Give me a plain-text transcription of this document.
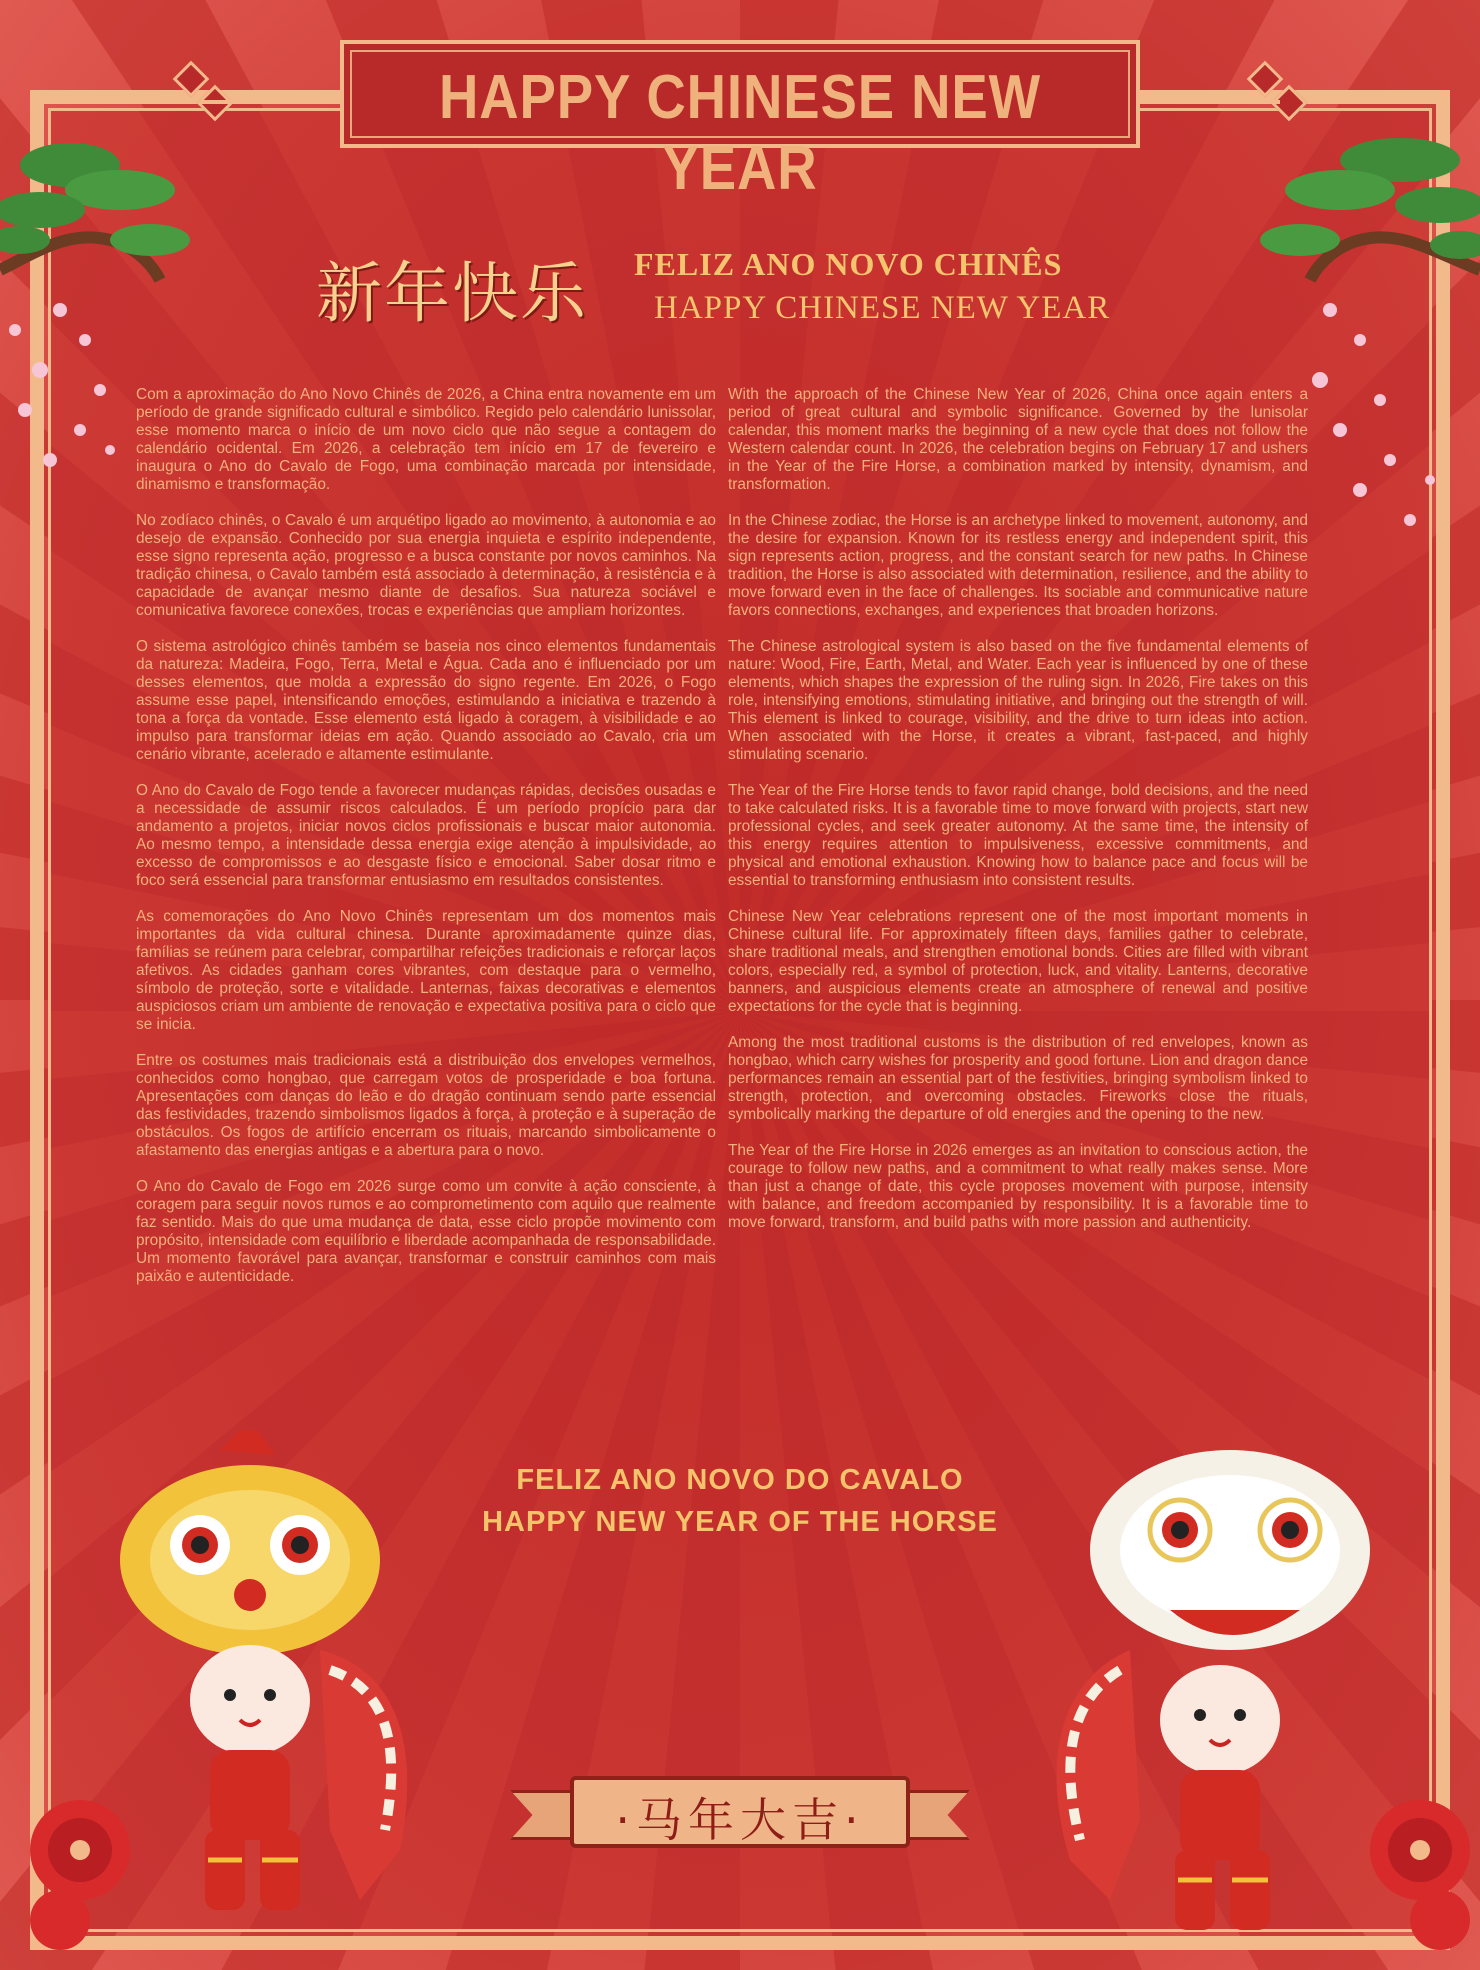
HAPPY CHINESE NEW YEAR
新年快乐	FELIZ ANO NOVO CHINÊS
HAPPY CHINESE NEW YEAR

Com a aproximação do Ano Novo Chinês de 2026, a China entra novamente em um período de grande significado cultural e simbólico. Regido pelo calendário lunissolar, esse momento marca o início de um novo ciclo que não segue a contagem do calendário ocidental. Em 2026, a celebração tem início em 17 de fevereiro e inaugura o Ano do Cavalo de Fogo, uma combinação marcada por intensidade, dinamismo e transformação.

No zodíaco chinês, o Cavalo é um arquétipo ligado ao movimento, à autonomia e ao desejo de expansão. Conhecido por sua energia inquieta e espírito independente, esse signo representa ação, progresso e a busca constante por novos caminhos. Na tradição chinesa, o Cavalo também está associado à determinação, à resistência e à capacidade de avançar mesmo diante de desafios. Sua natureza sociável e comunicativa favorece conexões, trocas e experiências que ampliam horizontes.

O sistema astrológico chinês também se baseia nos cinco elementos fundamentais da natureza: Madeira, Fogo, Terra, Metal e Água. Cada ano é influenciado por um desses elementos, que molda a expressão do signo regente. Em 2026, o Fogo assume esse papel, intensificando emoções, estimulando a iniciativa e trazendo à tona a força da vontade. Esse elemento está ligado à coragem, à visibilidade e ao impulso para transformar ideias em ação. Quando associado ao Cavalo, cria um cenário vibrante, acelerado e altamente estimulante.

O Ano do Cavalo de Fogo tende a favorecer mudanças rápidas, decisões ousadas e a necessidade de assumir riscos calculados. É um período propício para dar andamento a projetos, iniciar novos ciclos profissionais e buscar maior autonomia. Ao mesmo tempo, a intensidade dessa energia exige atenção à impulsividade, ao excesso de compromissos e ao desgaste físico e emocional. Saber dosar ritmo e foco será essencial para transformar entusiasmo em resultados consistentes.

As comemorações do Ano Novo Chinês representam um dos momentos mais importantes da vida cultural chinesa. Durante aproximadamente quinze dias, famílias se reúnem para celebrar, compartilhar refeições tradicionais e reforçar laços afetivos. As cidades ganham cores vibrantes, com destaque para o vermelho, símbolo de proteção, sorte e vitalidade. Lanternas, faixas decorativas e elementos auspiciosos criam um ambiente de renovação e expectativa positiva para o ciclo que se inicia.

Entre os costumes mais tradicionais está a distribuição dos envelopes vermelhos, conhecidos como hongbao, que carregam votos de prosperidade e boa fortuna. Apresentações com danças do leão e do dragão continuam sendo parte essencial das festividades, trazendo simbolismos ligados à força, à proteção e à superação de obstáculos. Os fogos de artifício encerram os rituais, marcando simbolicamente o afastamento das energias antigas e a abertura para o novo.

O Ano do Cavalo de Fogo em 2026 surge como um convite à ação consciente, à coragem para seguir novos rumos e ao comprometimento com aquilo que realmente faz sentido. Mais do que uma mudança de data, esse ciclo propõe movimento com propósito, intensidade com equilíbrio e liberdade acompanhada de responsabilidade. Um momento favorável para avançar, transformar e construir caminhos com mais paixão e autenticidade.

With the approach of the Chinese New Year of 2026, China once again enters a period of great cultural and symbolic significance. Governed by the lunisolar calendar, this moment marks the beginning of a new cycle that does not follow the Western calendar count. In 2026, the celebration begins on February 17 and ushers in the Year of the Fire Horse, a combination marked by intensity, dynamism, and transformation.

In the Chinese zodiac, the Horse is an archetype linked to movement, autonomy, and the desire for expansion. Known for its restless energy and independent spirit, this sign represents action, progress, and the constant search for new paths. In Chinese tradition, the Horse is also associated with determination, resilience, and the ability to move forward even in the face of challenges. Its sociable and communicative nature favors connections, exchanges, and experiences that broaden horizons.

The Chinese astrological system is also based on the five fundamental elements of nature: Wood, Fire, Earth, Metal, and Water. Each year is influenced by one of these elements, which shapes the expression of the ruling sign. In 2026, Fire takes on this role, intensifying emotions, stimulating initiative, and bringing out the strength of will. This element is linked to courage, visibility, and the drive to turn ideas into action. When associated with the Horse, it creates a vibrant, fast-paced, and highly stimulating scenario.

The Year of the Fire Horse tends to favor rapid change, bold decisions, and the need to take calculated risks. It is a favorable time to move forward with projects, start new professional cycles, and seek greater autonomy. At the same time, the intensity of this energy requires attention to impulsiveness, excessive commitments, and physical and emotional exhaustion. Knowing how to balance pace and focus will be essential to transforming enthusiasm into consistent results.

Chinese New Year celebrations represent one of the most important moments in Chinese cultural life. For approximately fifteen days, families gather to celebrate, share traditional meals, and strengthen emotional bonds. Cities are filled with vibrant colors, especially red, a symbol of protection, luck, and vitality. Lanterns, decorative banners, and auspicious elements create an atmosphere of renewal and positive expectations for the cycle that is beginning.

Among the most traditional customs is the distribution of red envelopes, known as hongbao, which carry wishes for prosperity and good fortune. Lion and dragon dance performances remain an essential part of the festivities, bringing symbolism linked to strength, protection, and overcoming obstacles. Fireworks close the rituals, symbolically marking the departure of old energies and the opening to the new.

The Year of the Fire Horse in 2026 emerges as an invitation to conscious action, the courage to follow new paths, and a commitment to what really makes sense. More than just a change of date, this cycle proposes movement with purpose, intensity with balance, and freedom accompanied by responsibility. It is a favorable time to move forward, transform, and build paths with more passion and authenticity.

FELIZ ANO NOVO DO CAVALO
HAPPY NEW YEAR OF THE HORSE
·马年大吉·
